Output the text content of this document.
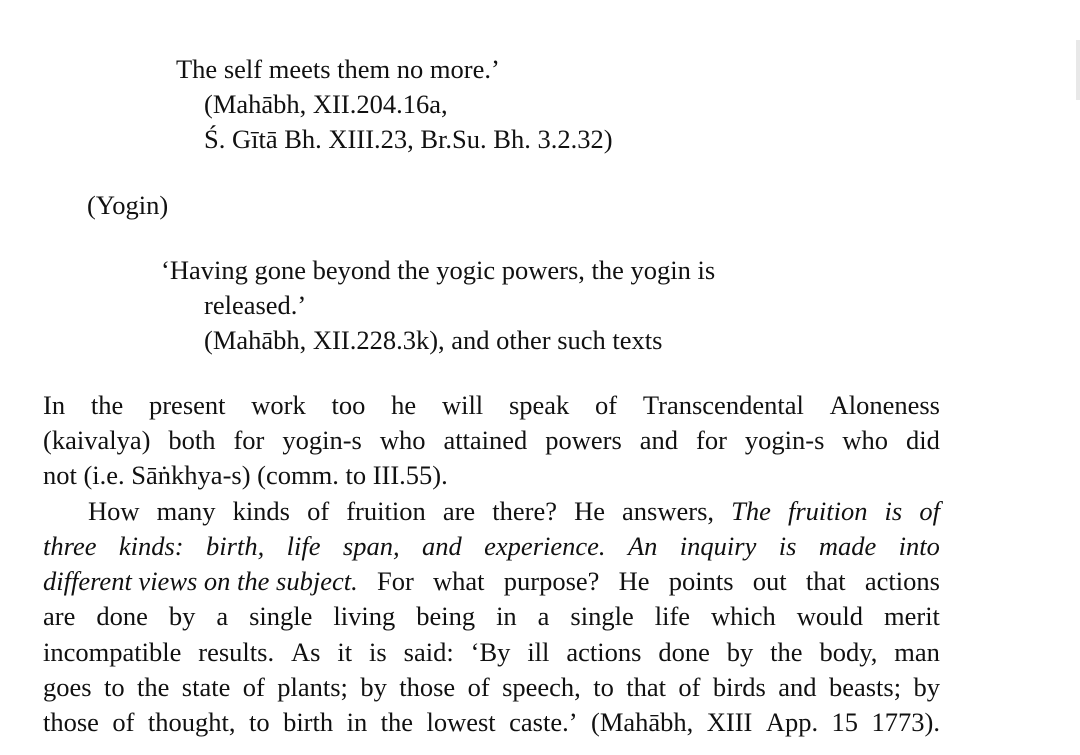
The self meets them no more.’

(Mahābh, XII.204.16a,

Ś. Gītā Bh. XIII.23, Br.Su. Bh. 3.2.32)

(Yogin)

‘Having gone beyond the yogic powers, the yogin is

released.’

(Mahābh, XII.228.3k), and other such texts

In the present work too he will speak of Transcendental Aloneness

(kaivalya) both for yogin-s who attained powers and for yogin-s who did

not (i.e. Sāṅkhya-s) (comm. to III.55).

How many kinds of fruition are there? He answers, The fruition is of

three kinds: birth, life span, and experience. An inquiry is made into

different views on the subject. For what purpose? He points out that actions

are done by a single living being in a single life which would merit

incompatible results. As it is said: ‘By ill actions done by the body, man

goes to the state of plants; by those of speech, to that of birds and beasts; by

those of thought, to birth in the lowest caste.’ (Mahābh, XIII App. 15 1773).
